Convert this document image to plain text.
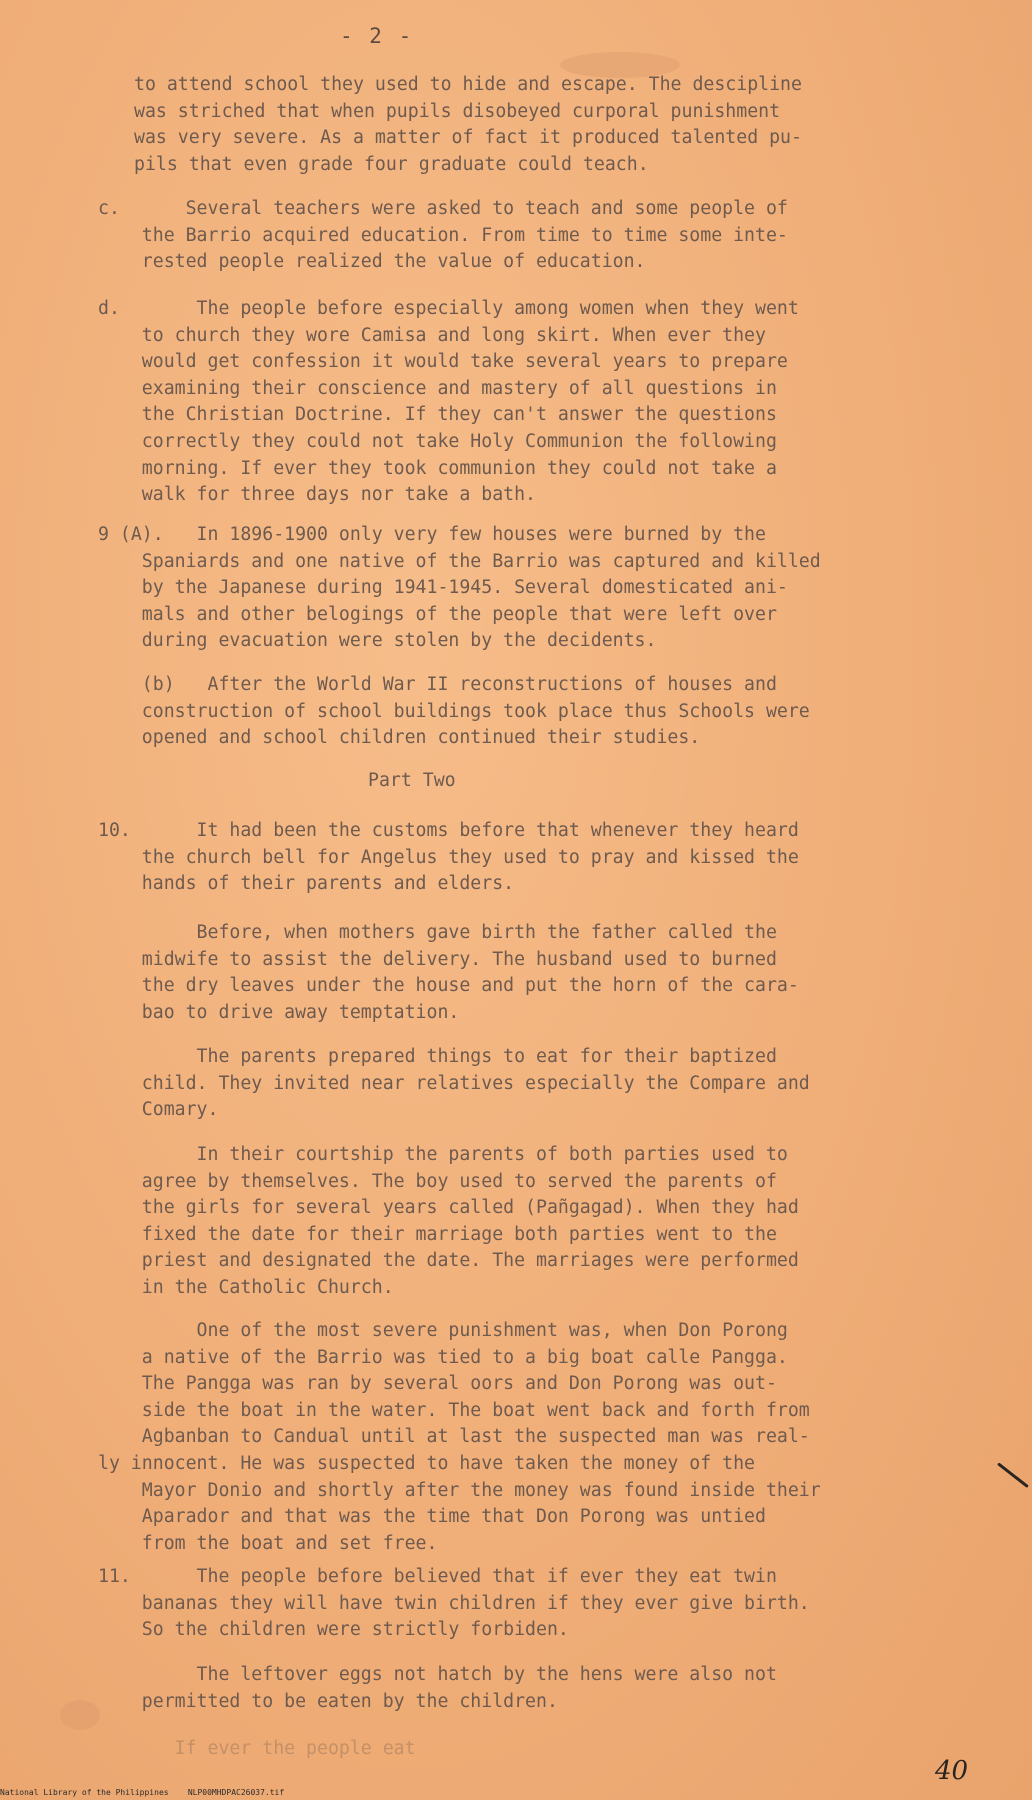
- 2 -
to attend school they used to hide and escape. The descipline
was striched that when pupils disobeyed curporal punishment
was very severe. As a matter of fact it produced talented pu-
pils that even grade four graduate could teach.
c.      Several teachers were asked to teach and some people of
the Barrio acquired education. From time to time some inte-
rested people realized the value of education.
d.       The people before especially among women when they went
to church they wore Camisa and long skirt. When ever they
would get confession it would take several years to prepare
examining their conscience and mastery of all questions in
the Christian Doctrine. If they can't answer the questions
correctly they could not take Holy Communion the following
morning. If ever they took communion they could not take a
walk for three days nor take a bath.
9 (A).   In 1896-1900 only very few houses were burned by the
Spaniards and one native of the Barrio was captured and killed
by the Japanese during 1941-1945. Several domesticated ani-
mals and other belogings of the people that were left over
during evacuation were stolen by the decidents.
(b)   After the World War II reconstructions of houses and
construction of school buildings took place thus Schools were
opened and school children continued their studies.
Part Two
10.      It had been the customs before that whenever they heard
the church bell for Angelus they used to pray and kissed the
hands of their parents and elders.
Before, when mothers gave birth the father called the
midwife to assist the delivery. The husband used to burned
the dry leaves under the house and put the horn of the cara-
bao to drive away temptation.
The parents prepared things to eat for their baptized
child. They invited near relatives especially the Compare and
Comary.
In their courtship the parents of both parties used to
agree by themselves. The boy used to served the parents of
the girls for several years called (Pañgagad). When they had
fixed the date for their marriage both parties went to the
priest and designated the date. The marriages were performed
in the Catholic Church.
One of the most severe punishment was, when Don Porong
a native of the Barrio was tied to a big boat calle Pangga.
The Pangga was ran by several oors and Don Porong was out-
side the boat in the water. The boat went back and forth from
Agbanban to Candual until at last the suspected man was real-
ly innocent. He was suspected to have taken the money of the
Mayor Donio and shortly after the money was found inside their
Aparador and that was the time that Don Porong was untied
from the boat and set free.
11.      The people before believed that if ever they eat twin
bananas they will have twin children if they ever give birth.
So the children were strictly forbiden.
The leftover eggs not hatch by the hens were also not
permitted to be eaten by the children.
If ever the people eat
40
National Library of the Philippines    NLP00MHDPAC26037.tif
